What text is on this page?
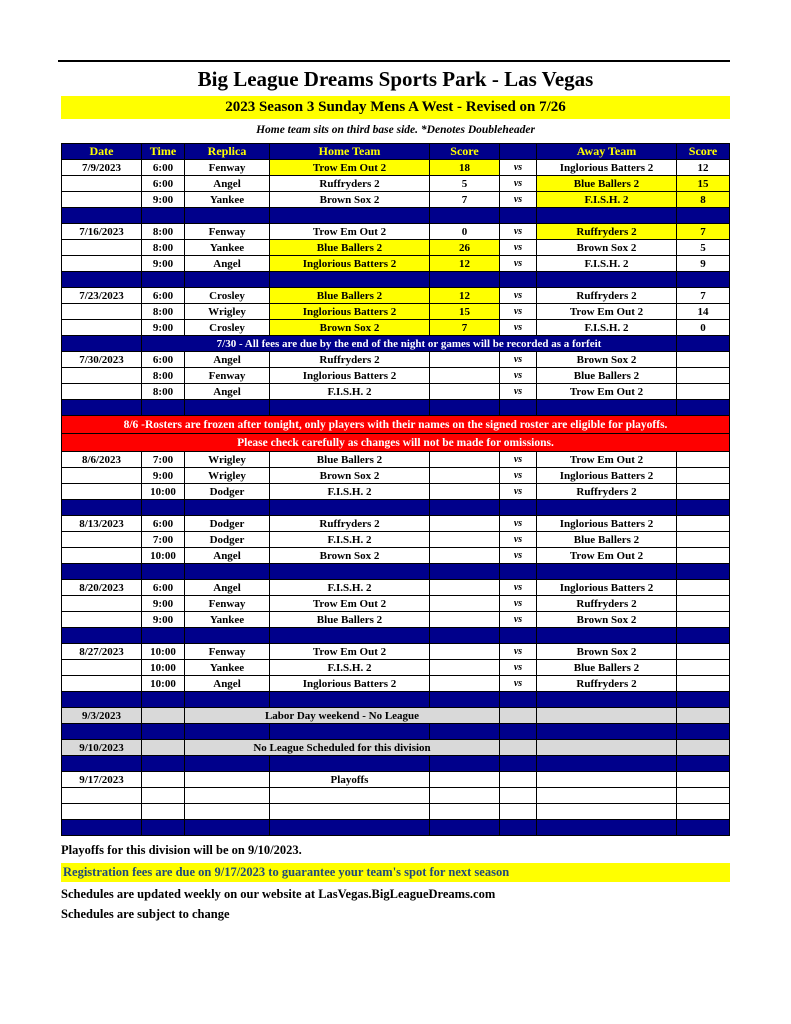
Big League Dreams Sports Park - Las Vegas
2023 Season 3 Sunday Mens A West - Revised on 7/26
Home team sits on third base side. *Denotes Doubleheader
Date	Time	Replica	Home Team	Score		Away Team	Score
7/9/2023	6:00	Fenway	Trow Em Out 2	18	vs	Inglorious Batters 2	12
	6:00	Angel	Ruffryders 2	5	vs	Blue Ballers 2	15
	9:00	Yankee	Brown Sox 2	7	vs	F.I.S.H. 2	8

7/16/2023	8:00	Fenway	Trow Em Out 2	0	vs	Ruffryders 2	7
	8:00	Yankee	Blue Ballers 2	26	vs	Brown Sox 2	5
	9:00	Angel	Inglorious Batters 2	12	vs	F.I.S.H. 2	9

7/23/2023	6:00	Crosley	Blue Ballers 2	12	vs	Ruffryders 2	7
	8:00	Wrigley	Inglorious Batters 2	15	vs	Trow Em Out 2	14
	9:00	Crosley	Brown Sox 2	7	vs	F.I.S.H. 2	0
	7/30 - All fees are due by the end of the night or games will be recorded as a forfeit						
7/30/2023	6:00	Angel	Ruffryders 2		vs	Brown Sox 2	
	8:00	Fenway	Inglorious Batters 2		vs	Blue Ballers 2	
	8:00	Angel	F.I.S.H. 2		vs	Trow Em Out 2	

8/6 -Rosters are frozen after tonight, only players with their names on the signed roster are eligible for playoffs.							
Please check carefully as changes will not be made for omissions.							
8/6/2023	7:00	Wrigley	Blue Ballers 2		vs	Trow Em Out 2	
	9:00	Wrigley	Brown Sox 2		vs	Inglorious Batters 2	
	10:00	Dodger	F.I.S.H. 2		vs	Ruffryders 2	

8/13/2023	6:00	Dodger	Ruffryders 2		vs	Inglorious Batters 2	
	7:00	Dodger	F.I.S.H. 2		vs	Blue Ballers 2	
	10:00	Angel	Brown Sox 2		vs	Trow Em Out 2	

8/20/2023	6:00	Angel	F.I.S.H. 2		vs	Inglorious Batters 2	
	9:00	Fenway	Trow Em Out 2		vs	Ruffryders 2	
	9:00	Yankee	Blue Ballers 2		vs	Brown Sox 2	

8/27/2023	10:00	Fenway	Trow Em Out 2		vs	Brown Sox 2	
	10:00	Yankee	F.I.S.H. 2		vs	Blue Ballers 2	
	10:00	Angel	Inglorious Batters 2		vs	Ruffryders 2	

9/3/2023		Labor Day weekend - No League					

9/10/2023		No League Scheduled for this division					

9/17/2023			Playoffs				

Playoffs for this division will be on 9/10/2023.
Registration fees are due on 9/17/2023 to guarantee your team's spot for next season
Schedules are updated weekly on our website at LasVegas.BigLeagueDreams.com
Schedules are subject to change
